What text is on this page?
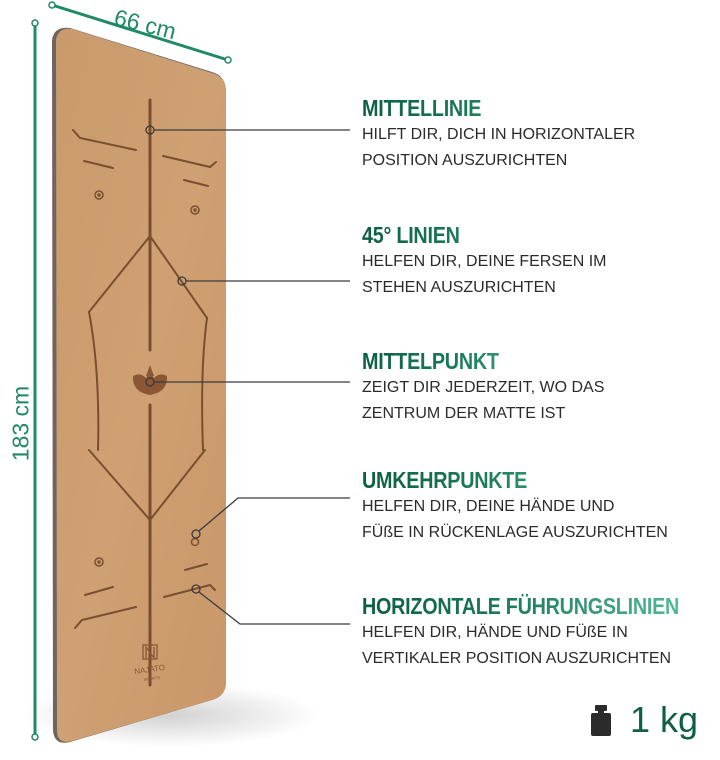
NAJATO
SPORTS
66 cm
183 cm
MITTELLINIE
HILFT DIR, DICH IN HORIZONTALER
POSITION AUSZURICHTEN
45° LINIEN
HELFEN DIR, DEINE FERSEN IM
STEHEN AUSZURICHTEN
MITTELPUNKT
ZEIGT DIR JEDERZEIT, WO DAS
ZENTRUM DER MATTE IST
UMKEHRPUNKTE
HELFEN DIR, DEINE HÄNDE UND
FÜßE IN RÜCKENLAGE AUSZURICHTEN
HORIZONTALE FÜHRUNGSLINIEN
HELFEN DIR, HÄNDE UND FÜßE IN
VERTIKALER POSITION AUSZURICHTEN
1 kg
